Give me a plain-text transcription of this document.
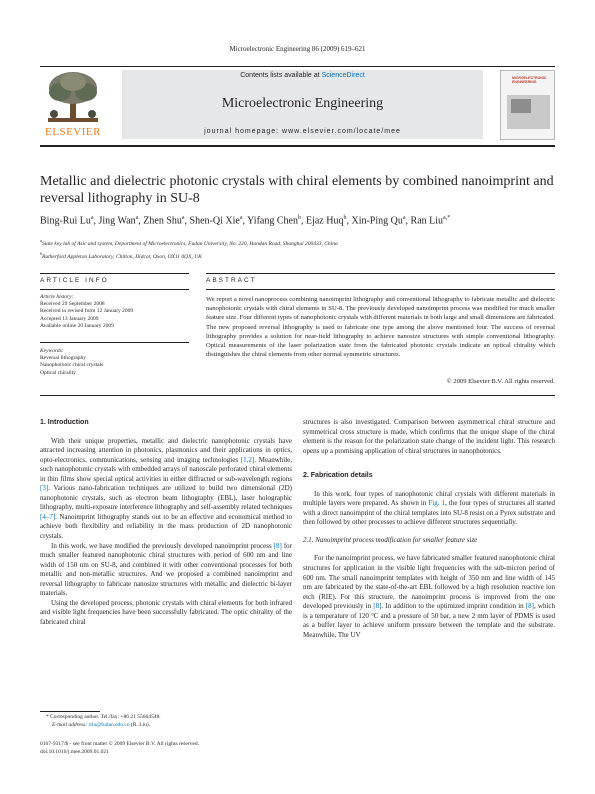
Microelectronic Engineering 86 (2009) 619–621
ELSEVIER
Contents lists available at ScienceDirect
Microelectronic Engineering
journal homepage: www.elsevier.com/locate/mee
MICROELECTRONIC ENGINEERING
Metallic and dielectric photonic crystals with chiral elements by combined nanoimprint and reversal lithography in SU-8
Bing-Rui Lu$^a$, Jing Wan$^a$, Zhen Shu$^a$, Shen-Qi Xie$^a$, Yifang Chen$^b$, Ejaz Huq$^b$, Xin-Ping Qu$^a$, Ran Liu$^{a,*}$
$^a$State key lab of Asic and system, Department of Microelectronics, Fudan University, No. 220, Handan Road, Shanghai 200433, China
$^b$Rutherford Appleton Laboratory, Chilton, Didcot, Oxon, OX11 0QX, UK
ARTICLE INFO	ABSTRACT
Article history:
Received 29 September 2008
Received in revised form 12 January 2009
Accepted 13 January 2009
Available online 20 January 2009
Keywords:
Reversal lithography
Nanophotonic chiral crystals
Optical chirality
We report a novel nanoprocess combining nanoimprint lithography and conventional lithography to fabricate metallic and dielectric nanophotonic crystals with chiral elements in SU-8. The previously developed nanoimprint process was modified for much smaller feature size. Four different types of nanophotonic crystals with different materials in both large and small dimensions are fabricated. The new proposed reversal lithography is used to fabricate one type among the above mentioned four. The success of reversal lithography provides a solution for near-field lithography to achieve nanosize structures with simple conventional lithography. Optical measurements of the laser polarization state from the fabricated photonic crystals indicate an optical chirality which distinguishes the chiral elements from other normal symmetric structures.
© 2009 Elsevier B.V. All rights reserved.
1. Introduction

With their unique properties, metallic and dielectric nanophotonic crystals have attracted increasing attention in photonics, plasmonics and their applications in optics, opto-electronics, communications, sensing and imaging technologies [1,2]. Meanwhile, such nanophotonic crystals with embedded arrays of nanoscale perforated chiral elements in thin films show special optical activities in either diffracted or sub-wavelength regions [3]. Various nano-fabrication techniques are utilized to build two dimensional (2D) nanophotonic crystals, such as electron beam lithography (EBL), laser holographic lithography, multi-exposure interference lithography and self-assembly related techniques [4–7]. Nanoimprint lithography stands out to be an effective and economical method to achieve both flexibility and reliability in the mass production of 2D nanophotonic crystals.

In this work, we have modified the previously developed nanoimprint process [8] for much smaller featured nanophotonic chiral structures with period of 600 nm and line width of 150 nm on SU-8, and combined it with other conventional processes for both metallic and non-metallic structures. And we proposed a combined nanoimprint and reversal lithography to fabricate nanosize structures with metallic and dielectric bi-layer materials.

Using the developed process, photonic crystals with chiral elements for both infrared and visible light frequencies have been successfully fabricated. The optic chirality of the fabricated chiral

structures is also investigated. Comparison between asymmetrical chiral structure and symmetrical cross structure is made, which confirms that the unique shape of the chiral element is the reason for the polarization state change of the incident light. This research opens up a promising application of chiral structures in nanophotonics.

2. Fabrication details

In this work, four types of nanophotonic chiral crystals with different materials in multiple layers were prepared. As shown in Fig. 1, the four types of structures all started with a direct nanoimprint of the chiral templates into SU-8 resist on a Pyrex substrate and then followed by other processes to achieve different structures sequentially.

2.1. Nanoimprint process modification for smaller feature size

For the nanoimprint process, we have fabricated smaller featured nanophotonic chiral structures for application in the visible light frequencies with the sub-micron period of 600 nm. The small nanoimprint templates with height of 350 nm and line width of 145 nm are fabricated by the state-of-the-art EBL followed by a high resolution reactive ion etch (RIE). For this structure, the nanoimprint process is improved from the one developed previously in [8]. In addition to the optimized imprint condition in [8], which is a temperature of 120 °C and a pressure of 50 bar, a new 2 mm layer of PDMS is used as a buffer layer to achieve uniform pressure between the template and the substrate. Meanwhile, The UV

* Corresponding author. Tel./fax: +86 21 55664548.
E-mail address: rliu@fudan.edu.cn (R. Liu).
0167-9317/$ - see front matter © 2009 Elsevier B.V. All rights reserved.
doi:10.1016/j.mee.2009.01.021
